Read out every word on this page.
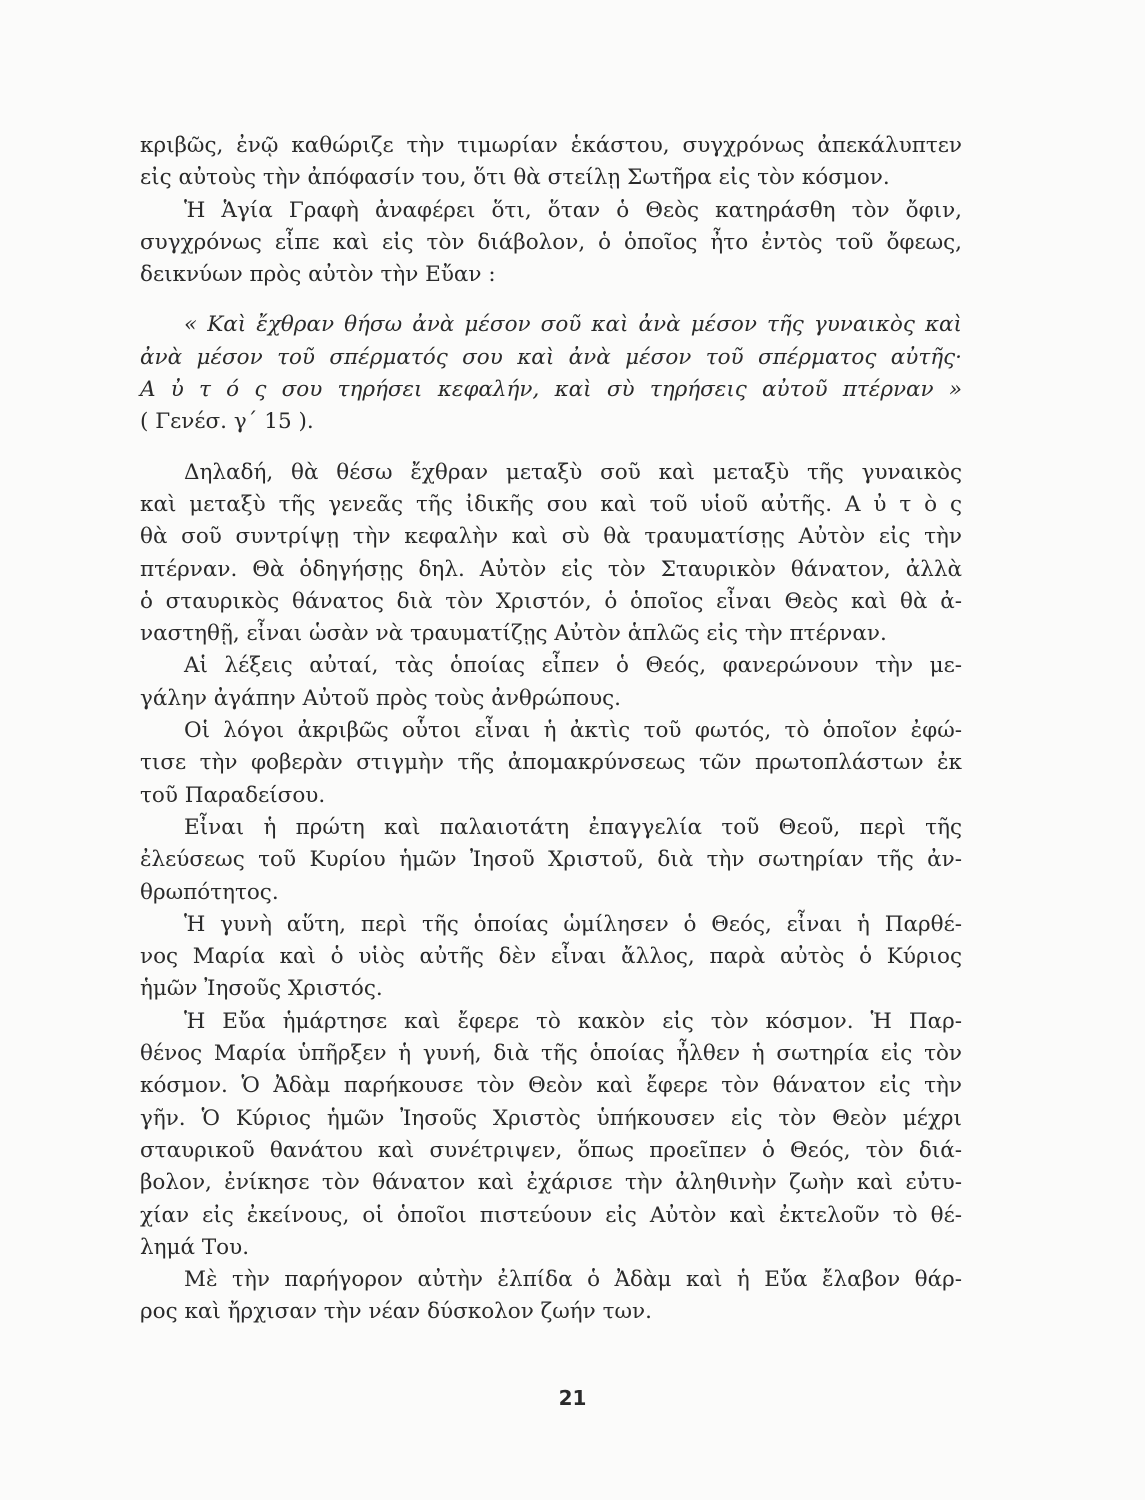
κριβῶς, ἐνῷ καθώριζε τὴν τιμωρίαν ἑκάστου, συγχρόνως ἀπεκάλυπτεν
εἰς αὐτοὺς τὴν ἀπόφασίν του, ὅτι θὰ στείλῃ Σωτῆρα εἰς τὸν κόσμον.
Ἡ Ἁγία Γραφὴ ἀναφέρει ὅτι, ὅταν ὁ Θεὸς κατηράσθη τὸν ὄφιν,
συγχρόνως εἶπε καὶ εἰς τὸν διάβολον, ὁ ὁποῖος ἦτο ἐντὸς τοῦ ὄφεως,
δεικνύων πρὸς αὐτὸν τὴν Εὔαν :
« Καὶ ἔχθραν θήσω ἀνὰ μέσον σοῦ καὶ ἀνὰ μέσον τῆς γυναικὸς καὶ
ἀνὰ μέσον τοῦ σπέρματός σου καὶ ἀνὰ μέσον τοῦ σπέρματος αὐτῆς·
Α ὐ τ ό ς σου τηρήσει κεφαλήν, καὶ σὺ τηρήσεις αὐτοῦ πτέρναν »
( Γενέσ. γ΄ 15 ).
Δηλαδή, θὰ θέσω ἔχθραν μεταξὺ σοῦ καὶ μεταξὺ τῆς γυναικὸς
καὶ μεταξὺ τῆς γενεᾶς τῆς ἰδικῆς σου καὶ τοῦ υἱοῦ αὐτῆς. Α ὐ τ ὸ ς
θὰ σοῦ συντρίψῃ τὴν κεφαλὴν καὶ σὺ θὰ τραυματίσῃς Αὐτὸν εἰς τὴν
πτέρναν. Θὰ ὁδηγήσῃς δηλ. Αὐτὸν εἰς τὸν Σταυρικὸν θάνατον, ἀλλὰ
ὁ σταυρικὸς θάνατος διὰ τὸν Χριστόν, ὁ ὁποῖος εἶναι Θεὸς καὶ θὰ ἀ-
ναστηθῇ, εἶναι ὡσὰν νὰ τραυματίζῃς Αὐτὸν ἁπλῶς εἰς τὴν πτέρναν.
Αἱ λέξεις αὐταί, τὰς ὁποίας εἶπεν ὁ Θεός, φανερώνουν τὴν με-
γάλην ἀγάπην Αὐτοῦ πρὸς τοὺς ἀνθρώπους.
Οἱ λόγοι ἀκριβῶς οὗτοι εἶναι ἡ ἀκτὶς τοῦ φωτός, τὸ ὁποῖον ἐφώ-
τισε τὴν φοβερὰν στιγμὴν τῆς ἀπομακρύνσεως τῶν πρωτοπλάστων ἐκ
τοῦ Παραδείσου.
Εἶναι ἡ πρώτη καὶ παλαιοτάτη ἐπαγγελία τοῦ Θεοῦ, περὶ τῆς
ἐλεύσεως τοῦ Κυρίου ἡμῶν Ἰησοῦ Χριστοῦ, διὰ τὴν σωτηρίαν τῆς ἀν-
θρωπότητος.
Ἡ γυνὴ αὕτη, περὶ τῆς ὁποίας ὡμίλησεν ὁ Θεός, εἶναι ἡ Παρθέ-
νος Μαρία καὶ ὁ υἱὸς αὐτῆς δὲν εἶναι ἄλλος, παρὰ αὐτὸς ὁ Κύριος
ἡμῶν Ἰησοῦς Χριστός.
Ἡ Εὔα ἡμάρτησε καὶ ἔφερε τὸ κακὸν εἰς τὸν κόσμον. Ἡ Παρ-
θένος Μαρία ὑπῆρξεν ἡ γυνή, διὰ τῆς ὁποίας ἦλθεν ἡ σωτηρία εἰς τὸν
κόσμον. Ὁ Ἀδὰμ παρήκουσε τὸν Θεὸν καὶ ἔφερε τὸν θάνατον εἰς τὴν
γῆν. Ὁ Κύριος ἡμῶν Ἰησοῦς Χριστὸς ὑπήκουσεν εἰς τὸν Θεὸν μέχρι
σταυρικοῦ θανάτου καὶ συνέτριψεν, ὅπως προεῖπεν ὁ Θεός, τὸν διά-
βολον, ἐνίκησε τὸν θάνατον καὶ ἐχάρισε τὴν ἀληθινὴν ζωὴν καὶ εὐτυ-
χίαν εἰς ἐκείνους, οἱ ὁποῖοι πιστεύουν εἰς Αὐτὸν καὶ ἐκτελοῦν τὸ θέ-
λημά Του.
Μὲ τὴν παρήγορον αὐτὴν ἐλπίδα ὁ Ἀδὰμ καὶ ἡ Εὔα ἔλαβον θάρ-
ρος καὶ ἤρχισαν τὴν νέαν δύσκολον ζωήν των.
21
